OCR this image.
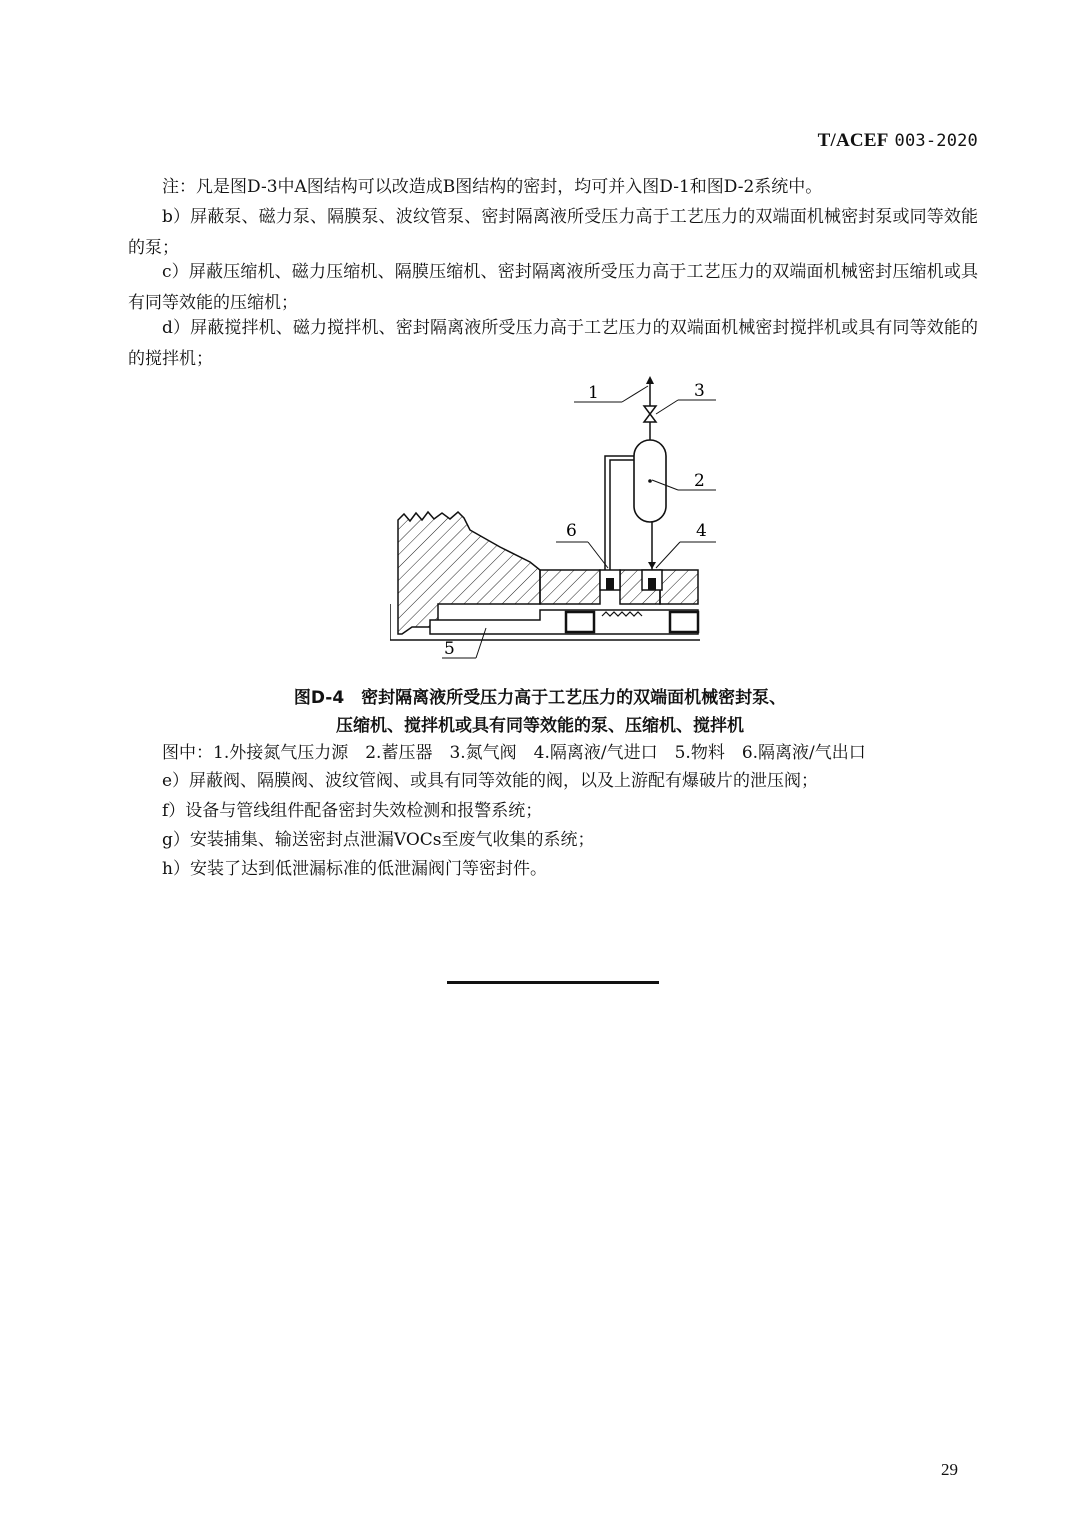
T/ACEF 003-2020

注：凡是图D-3中A图结构可以改造成B图结构的密封，均可并入图D-1和图D-2系统中。

b）屏蔽泵、磁力泵、隔膜泵、波纹管泵、密封隔离液所受压力高于工艺压力的双端面机械密封泵或同等效能的泵；

c）屏蔽压缩机、磁力压缩机、隔膜压缩机、密封隔离液所受压力高于工艺压力的双端面机械密封压缩机或具有同等效能的压缩机；

d）屏蔽搅拌机、磁力搅拌机、密封隔离液所受压力高于工艺压力的双端面机械密封搅拌机或具有同等效能的的搅拌机；

1
2
3
4
5
6
图D-4　密封隔离液所受压力高于工艺压力的双端面机械密封泵、
压缩机、搅拌机或具有同等效能的泵、压缩机、搅拌机

图中：1.外接氮气压力源　2.蓄压器　3.氮气阀　4.隔离液/气进口　5.物料　6.隔离液/气出口

e）屏蔽阀、隔膜阀、波纹管阀、或具有同等效能的阀，以及上游配有爆破片的泄压阀；

f）设备与管线组件配备密封失效检测和报警系统；

g）安装捕集、输送密封点泄漏VOCs至废气收集的系统；

h）安装了达到低泄漏标准的低泄漏阀门等密封件。

29
